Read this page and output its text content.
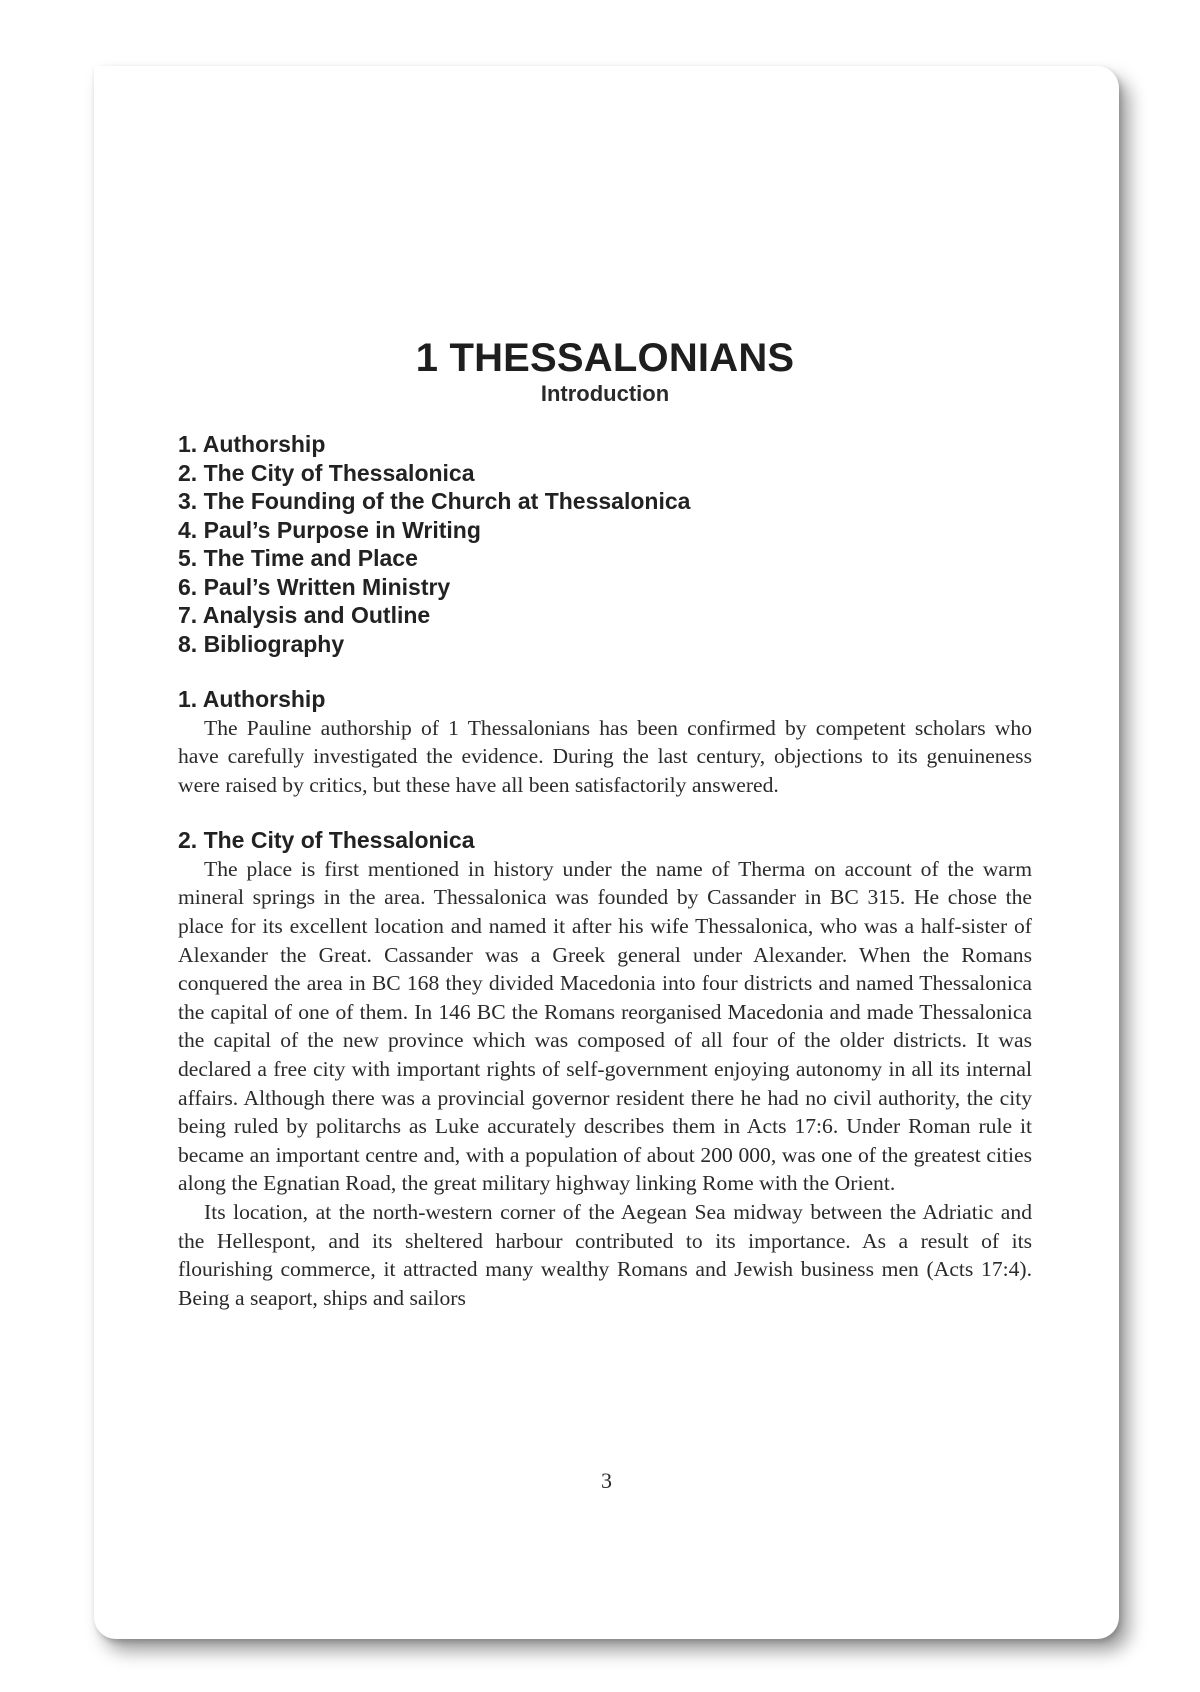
1 THESSALONIANS
Introduction
1. Authorship
2. The City of Thessalonica
3. The Founding of the Church at Thessalonica
4. Paul’s Purpose in Writing
5. The Time and Place
6. Paul’s Written Ministry
7. Analysis and Outline
8. Bibliography
1. Authorship

The Pauline authorship of 1 Thessalonians has been confirmed by competent scholars who have carefully investigated the evidence. During the last century, objections to its genuineness were raised by critics, but these have all been satisfactorily answered.

2. The City of Thessalonica

The place is first mentioned in history under the name of Therma on account of the warm mineral springs in the area. Thessalonica was founded by Cassander in BC 315. He chose the place for its excellent location and named it after his wife Thessalonica, who was a half-sister of Alexander the Great. Cassander was a Greek general under Alexander. When the Romans conquered the area in BC 168 they divided Macedonia into four districts and named Thessalonica the capital of one of them. In 146 BC the Romans reorganised Macedonia and made Thessalonica the capital of the new province which was composed of all four of the older districts. It was declared a free city with important rights of self-government enjoying autonomy in all its internal affairs. Although there was a provincial governor resident there he had no civil authority, the city being ruled by politarchs as Luke accurately describes them in Acts 17:6. Under Roman rule it became an important centre and, with a population of about 200 000, was one of the greatest cities along the Egnatian Road, the great military highway linking Rome with the Orient.

Its location, at the north-western corner of the Aegean Sea midway between the Adriatic and the Hellespont, and its sheltered harbour contributed to its importance. As a result of its flourishing commerce, it attracted many wealthy Romans and Jewish business men (Acts 17:4). Being a seaport, ships and sailors

3
